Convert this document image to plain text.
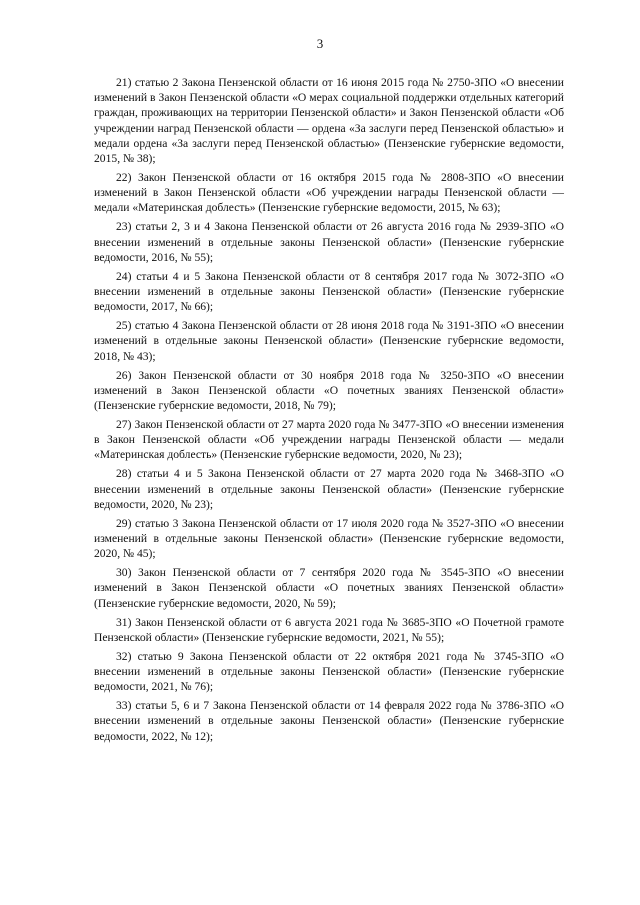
3

21) статью 2 Закона Пензенской области от 16 июня 2015 года № 2750-ЗПО «О внесении изменений в Закон Пензенской области «О мерах социальной поддержки отдельных категорий граждан, проживающих на территории Пензенской области» и Закон Пензенской области «Об учреждении наград Пензенской области — ордена «За заслуги перед Пензенской областью» и медали ордена «За заслуги перед Пензенской областью» (Пензенские губернские ведомости, 2015, № 38);

22) Закон Пензенской области от 16 октября 2015 года № 2808-ЗПО «О внесении изменений в Закон Пензенской области «Об учреждении награды Пензенской области — медали «Материнская доблесть» (Пензенские губернские ведомости, 2015, № 63);

23) статьи 2, 3 и 4 Закона Пензенской области от 26 августа 2016 года № 2939-ЗПО «О внесении изменений в отдельные законы Пензенской области» (Пензенские губернские ведомости, 2016, № 55);

24) статьи 4 и 5 Закона Пензенской области от 8 сентября 2017 года № 3072-ЗПО «О внесении изменений в отдельные законы Пензенской области» (Пензенские губернские ведомости, 2017, № 66);

25) статью 4 Закона Пензенской области от 28 июня 2018 года № 3191-ЗПО «О внесении изменений в отдельные законы Пензенской области» (Пензенские губернские ведомости, 2018, № 43);

26) Закон Пензенской области от 30 ноября 2018 года № 3250-ЗПО «О внесении изменений в Закон Пензенской области «О почетных званиях Пензенской области» (Пензенские губернские ведомости, 2018, № 79);

27) Закон Пензенской области от 27 марта 2020 года № 3477-ЗПО «О внесении изменения в Закон Пензенской области «Об учреждении награды Пензенской области — медали «Материнская доблесть» (Пензенские губернские ведомости, 2020, № 23);

28) статьи 4 и 5 Закона Пензенской области от 27 марта 2020 года № 3468-ЗПО «О внесении изменений в отдельные законы Пензенской области» (Пензенские губернские ведомости, 2020, № 23);

29) статью 3 Закона Пензенской области от 17 июля 2020 года № 3527-ЗПО «О внесении изменений в отдельные законы Пензенской области» (Пензенские губернские ведомости, 2020, № 45);

30) Закон Пензенской области от 7 сентября 2020 года № 3545-ЗПО «О внесении изменений в Закон Пензенской области «О почетных званиях Пензенской области» (Пензенские губернские ведомости, 2020, № 59);

31) Закон Пензенской области от 6 августа 2021 года № 3685-ЗПО «О Почетной грамоте Пензенской области» (Пензенские губернские ведомости, 2021, № 55);

32) статью 9 Закона Пензенской области от 22 октября 2021 года № 3745-ЗПО «О внесении изменений в отдельные законы Пензенской области» (Пензенские губернские ведомости, 2021, № 76);

33) статьи 5, 6 и 7 Закона Пензенской области от 14 февраля 2022 года № 3786-ЗПО «О внесении изменений в отдельные законы Пензенской области» (Пензенские губернские ведомости, 2022, № 12);
